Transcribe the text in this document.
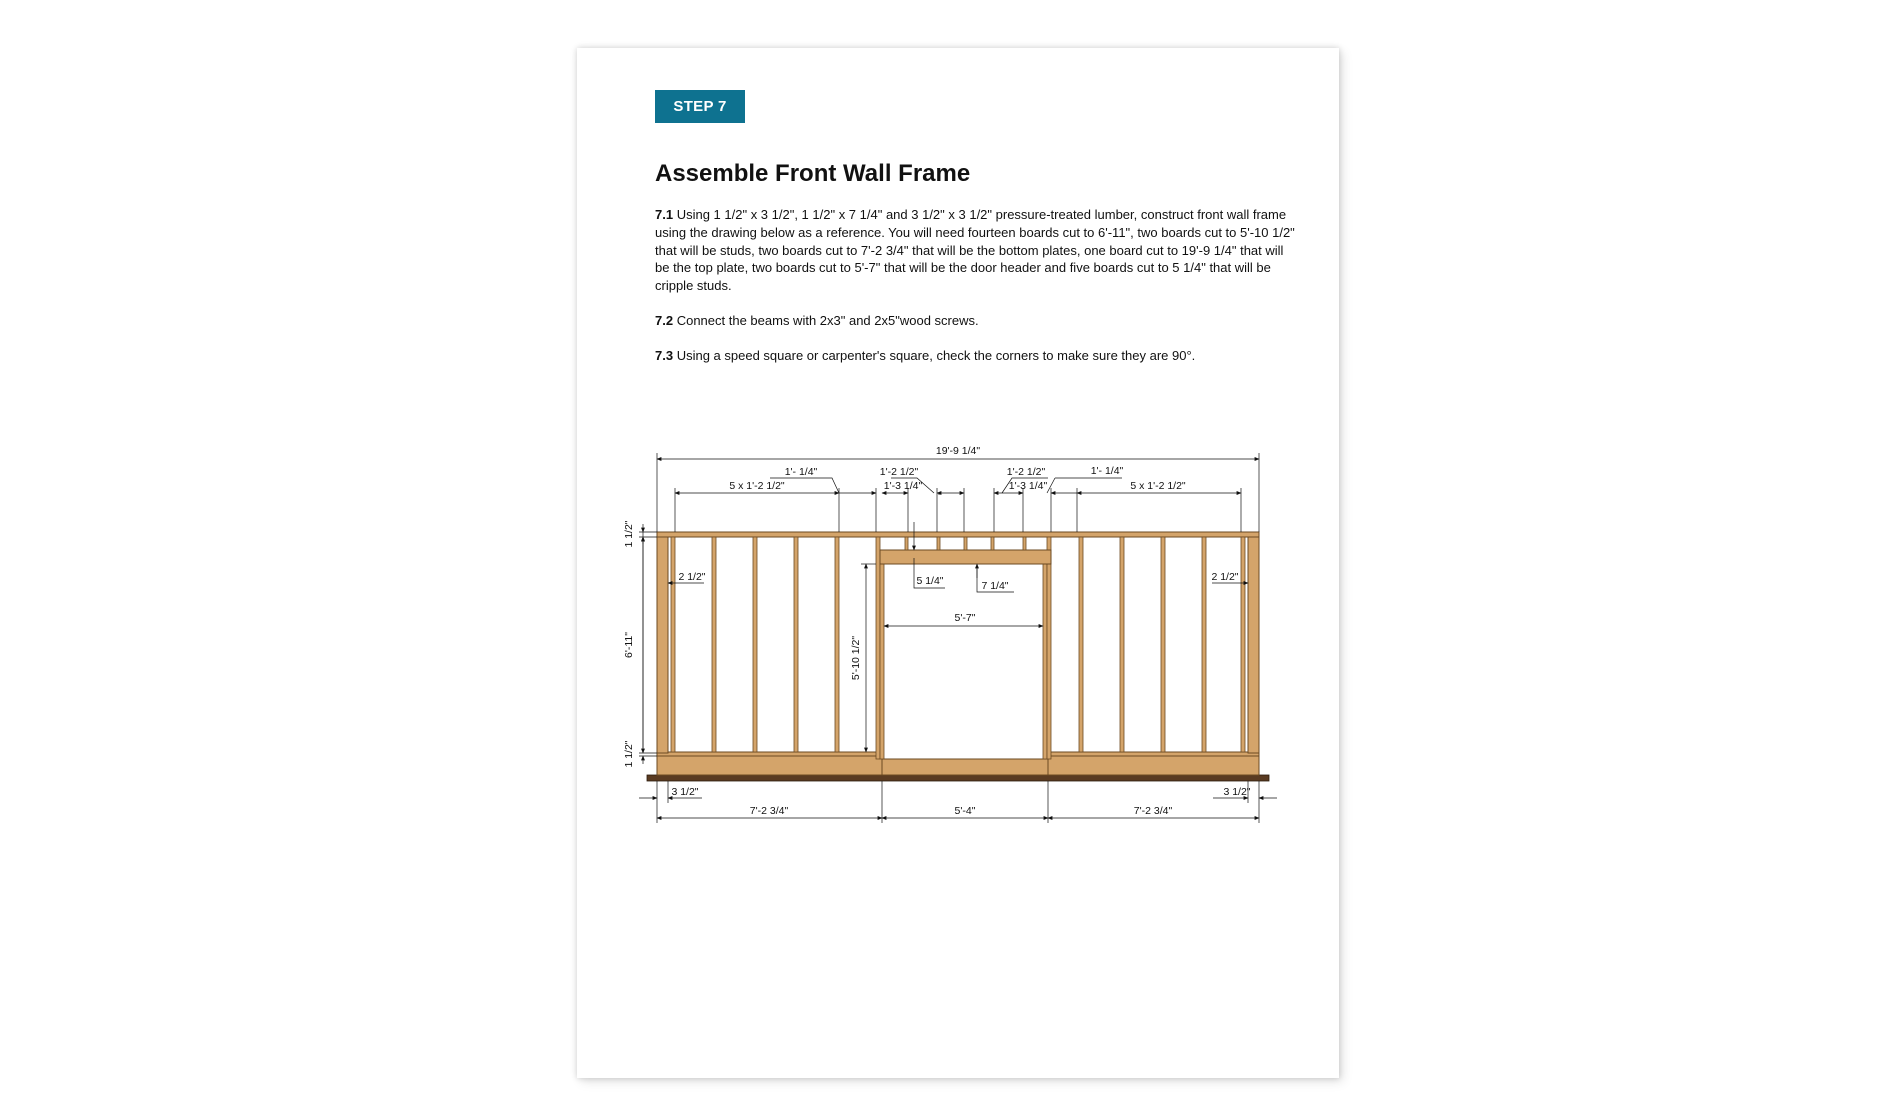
STEP 7
Assemble Front Wall Frame

7.1 Using 1 1/2" x 3 1/2", 1 1/2" x 7 1/4" and 3 1/2" x 3 1/2" pressure-treated lumber, construct front wall frame using the drawing below as a reference. You will need fourteen boards cut to 6'-11", two boards cut to 5'-10 1/2" that will be studs, two boards cut to 7'-2 3/4" that will be the bottom plates, one board cut to 19'-9 1/4" that will be the top plate, two boards cut to 5'-7" that will be the door header and five boards cut to 5 1/4" that will be cripple studs.

7.2 Connect the beams with 2x3" and 2x5"wood screws.

7.3 Using a speed square or carpenter's square, check the corners to make sure they are 90°.

19'-9 1/4"
1'- 1/4"	1'-2 1/2"	1'-2 1/2"	1'- 1/4"
5 x 1'-2 1/2"	1'-3 1/4"	1'-3 1/4"	5 x 1'-2 1/2"
1 1/2"
6'-11"
1 1/2"
2 1/2"	2 1/2"
5 1/4"	7 1/4"
5'-7"
5'-10 1/2"
3 1/2"	3 1/2"
7'-2 3/4"	5'-4"	7'-2 3/4"
